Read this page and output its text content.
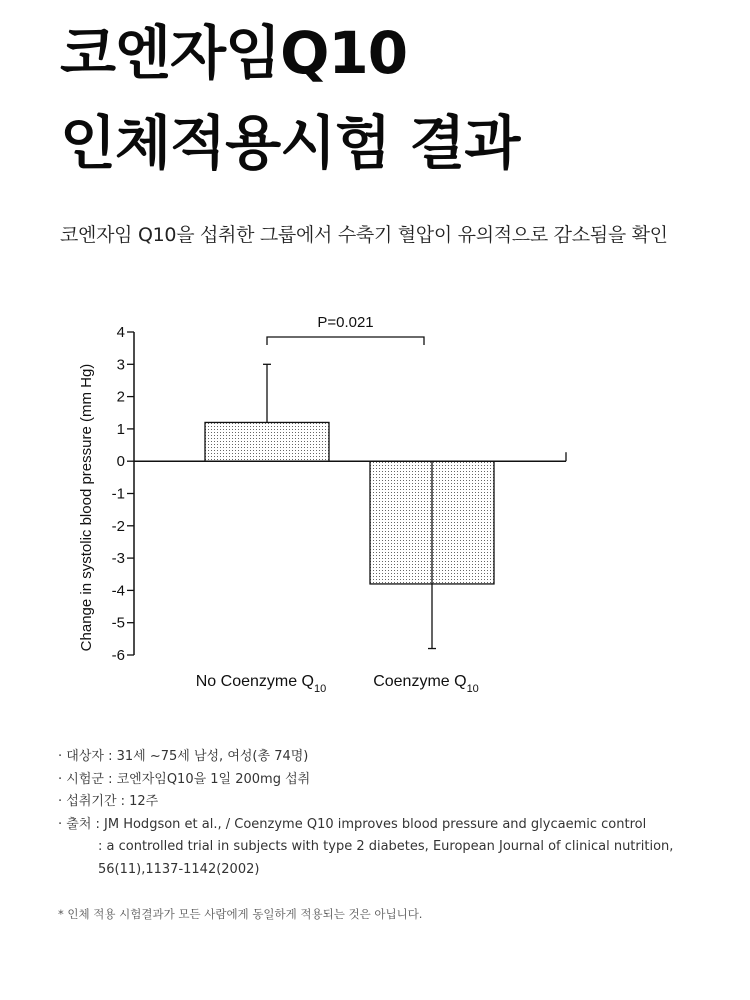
코엔자임Q10
인체적용시험 결과
코엔자임 Q10을 섭취한 그룹에서 수축기 혈압이 유의적으로 감소됨을 확인
4
3
2
1
0
-1
-2
-3
-4
-5
-6
Change in systolic blood pressure (mm Hg)
P=0.021
No Coenzyme $Q_{10}$	Coenzyme $Q_{10}$
· 대상자 : 31세 ~75세 남성, 여성(총 74명)
· 시험군 : 코엔자임Q10을 1일 200mg 섭취
· 섭취기간 : 12주
· 출처 : JM Hodgson et al., / Coenzyme Q10 improves blood pressure and glycaemic control
: a controlled trial in subjects with type 2 diabetes, European Journal of clinical nutrition,
56(11),1137-1142(2002)
* 인체 적용 시험결과가 모든 사람에게 동일하게 적용되는 것은 아닙니다.
